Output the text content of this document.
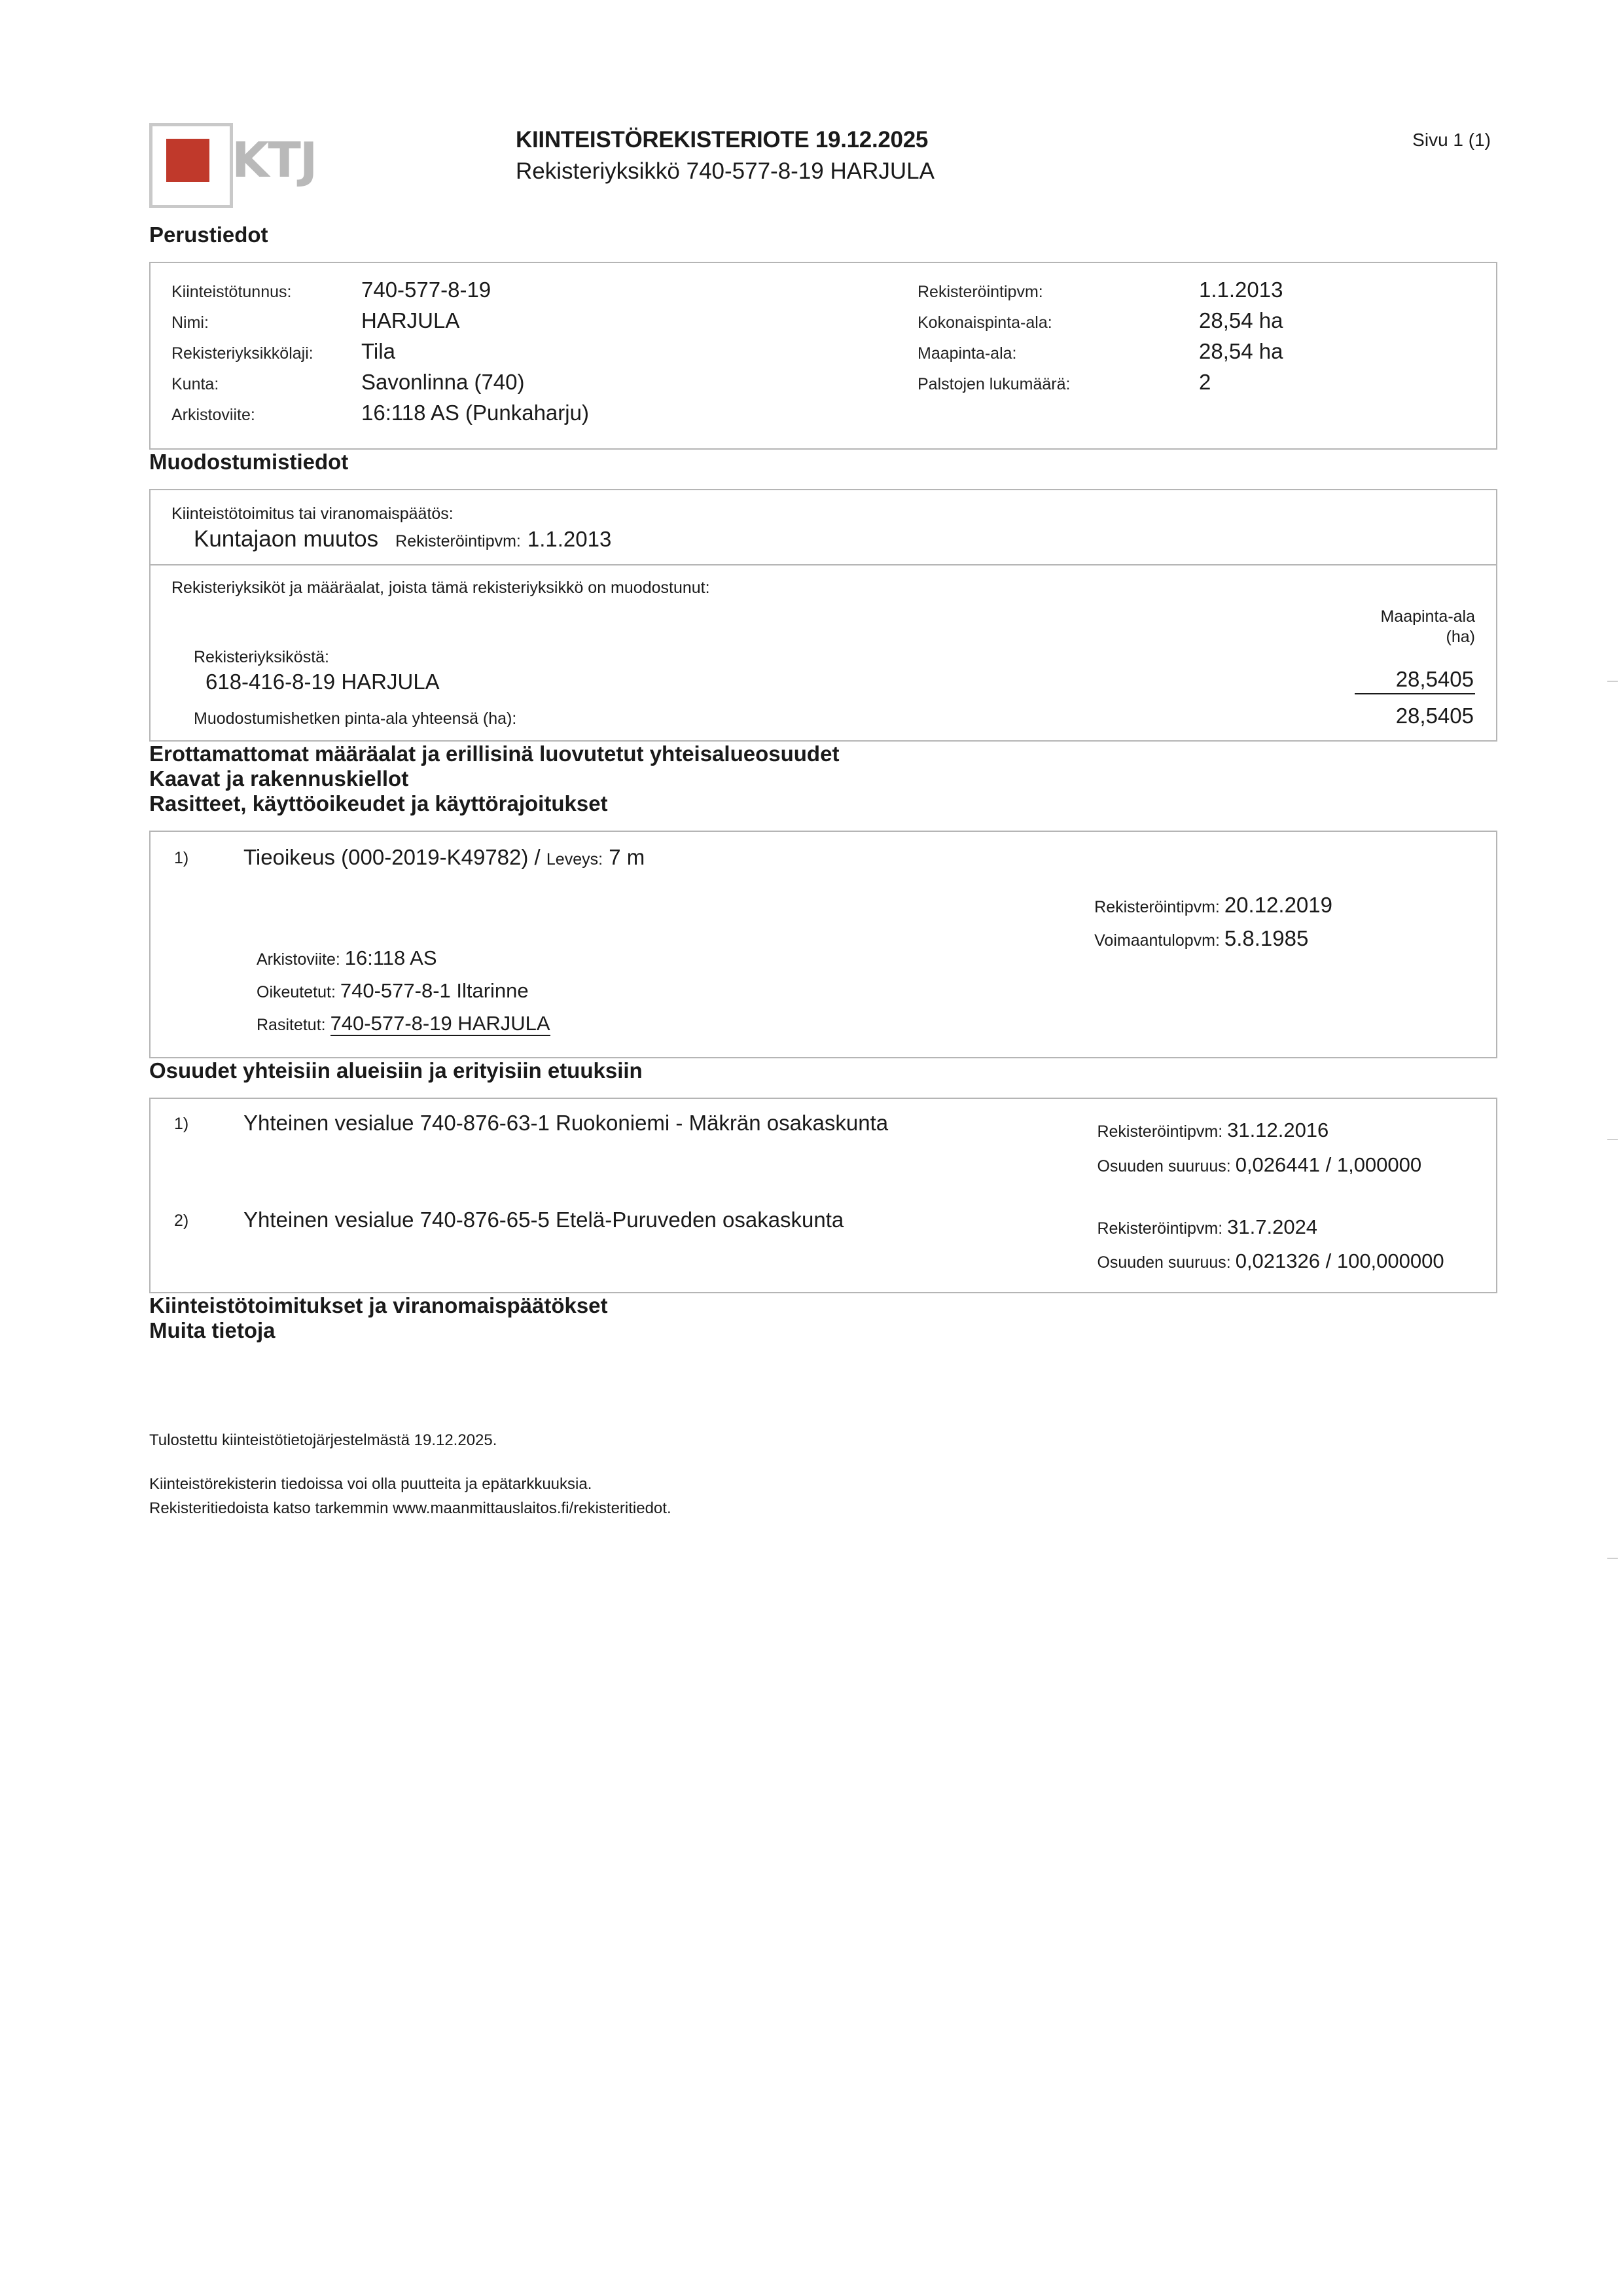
KTJ	KIINTEISTÖREKISTERIOTE 19.12.2025
Rekisteriyksikkö 740-577-8-19 HARJULA
Sivu 1 (1)
Perustiedot
Kiinteistötunnus:	740-577-8-19
Nimi:	HARJULA
Rekisteriyksikkölaji:	Tila
Kunta:	Savonlinna (740)
Arkistoviite:	16:118 AS (Punkaharju)
Rekisteröintipvm:	1.1.2013
Kokonaispinta-ala:	28,54 ha
Maapinta-ala:	28,54 ha
Palstojen lukumäärä:	2
Muodostumistiedot
Kiinteistötoimitus tai viranomaispäätös:
Kuntajaon muutos Rekisteröintipvm: 1.1.2013
Rekisteriyksiköt ja määräalat, joista tämä rekisteriyksikkö on muodostunut:
Maapinta-ala
(ha)
Rekisteriyksiköstä:
618-416-8-19 HARJULA	28,5405
Muodostumishetken pinta-ala yhteensä (ha):	28,5405
Erottamattomat määräalat ja erillisinä luovutetut yhteisalueosuudet
Kaavat ja rakennuskiellot
Rasitteet, käyttöoikeudet ja käyttörajoitukset
1)	Tieoikeus (000-2019-K49782) / Leveys: 7 m
Rekisteröintipvm: 20.12.2019
Voimaantulopvm: 5.8.1985
Arkistoviite: 16:118 AS
Oikeutetut: 740-577-8-1 Iltarinne
Rasitetut: 740-577-8-19 HARJULA
Osuudet yhteisiin alueisiin ja erityisiin etuuksiin
1)	Yhteinen vesialue 740-876-63-1 Ruokoniemi - Mäkrän osakaskunta	Rekisteröintipvm: 31.12.2016
Osuuden suuruus: 0,026441 / 1,000000
2)	Yhteinen vesialue 740-876-65-5 Etelä-Puruveden osakaskunta	Rekisteröintipvm: 31.7.2024
Osuuden suuruus: 0,021326 / 100,000000
Kiinteistötoimitukset ja viranomaispäätökset
Muita tietoja
Tulostettu kiinteistötietojärjestelmästä 19.12.2025.
Kiinteistörekisterin tiedoissa voi olla puutteita ja epätarkkuuksia.
Rekisteritiedoista katso tarkemmin www.maanmittauslaitos.fi/rekisteritiedot.
